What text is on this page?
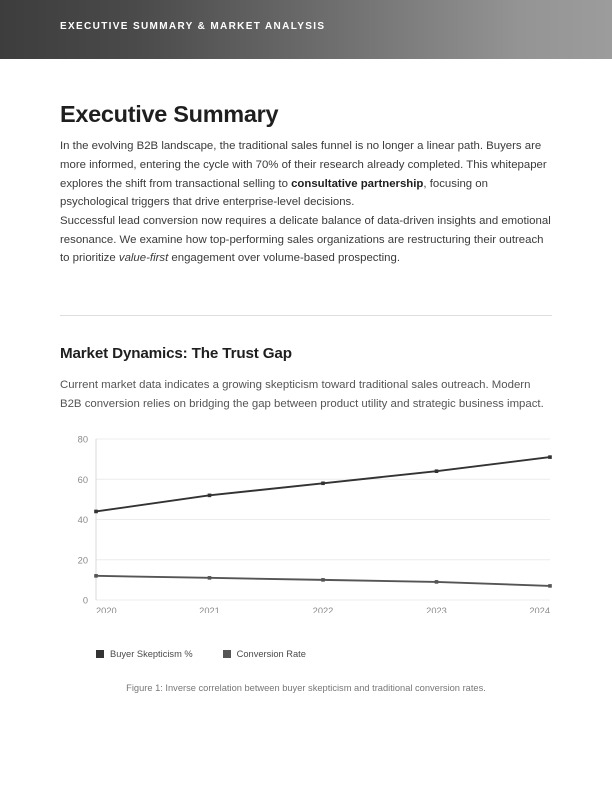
EXECUTIVE SUMMARY & MARKET ANALYSIS
Executive Summary

In the evolving B2B landscape, the traditional sales funnel is no longer a linear path. Buyers are more informed, entering the cycle with 70% of their research already completed. This whitepaper explores the shift from transactional selling to consultative partnership, focusing on psychological triggers that drive enterprise-level decisions.

Successful lead conversion now requires a delicate balance of data-driven insights and emotional resonance. We examine how top-performing sales organizations are restructuring their outreach to prioritize value-first engagement over volume-based prospecting.

Market Dynamics: The Trust Gap

Current market data indicates a growing skepticism toward traditional sales outreach. Modern B2B conversion relies on bridging the gap between product utility and strategic business impact.

0
20
40
60
80
2020	2021	2022	2023	2024
Buyer Skepticism %	Conversion Rate
Figure 1: Inverse correlation between buyer skepticism and traditional conversion rates.
